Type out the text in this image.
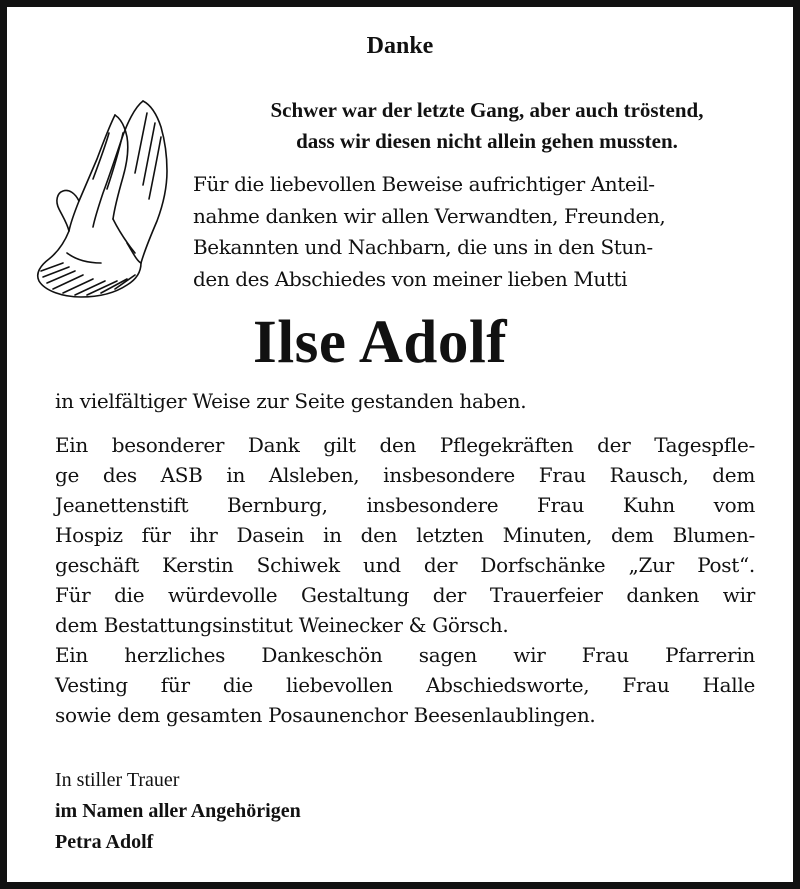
Danke
Schwer war der letzte Gang, aber auch tröstend,
dass wir diesen nicht allein gehen mussten.
Für die liebevollen Beweise aufrichtiger Anteil-
nahme danken wir allen Verwandten, Freunden,
Bekannten und Nachbarn, die uns in den Stun-
den des Abschiedes von meiner lieben Mutti
Ilse Adolf
in vielfältiger Weise zur Seite gestanden haben.
Ein besonderer Dank gilt den Pflegekräften der Tagespfle-
ge des ASB in Alsleben, insbesondere Frau Rausch, dem
Jeanettenstift Bernburg, insbesondere Frau Kuhn vom
Hospiz für ihr Dasein in den letzten Minuten, dem Blumen-
geschäft Kerstin Schiwek und der Dorfschänke „Zur Post“.
Für die würdevolle Gestaltung der Trauerfeier danken wir
dem Bestattungsinstitut Weinecker & Görsch.
Ein herzliches Dankeschön sagen wir Frau Pfarrerin
Vesting für die liebevollen Abschiedsworte, Frau Halle
sowie dem gesamten Posaunenchor Beesenlaublingen.
In stiller Trauer
im Namen aller Angehörigen
Petra Adolf
